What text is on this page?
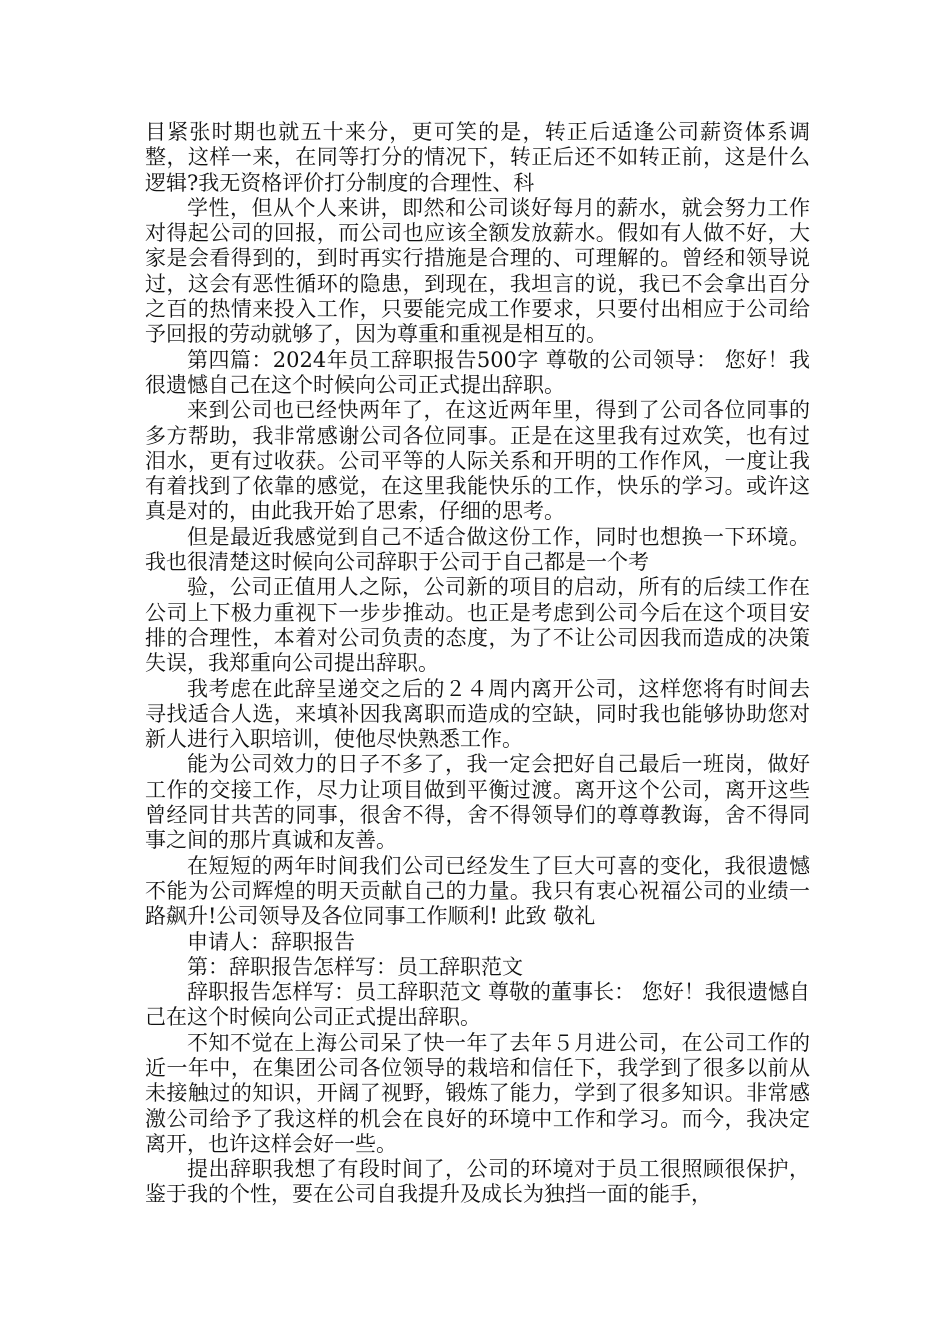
目紧张时期也就五十来分，更可笑的是，转正后适逢公司薪资体系调整，这样一来，在同等打分的情况下，转正后还不如转正前，这是什么逻辑?我无资格评价打分制度的合理性、科

学性，但从个人来讲，即然和公司谈好每月的薪水，就会努力工作对得起公司的回报，而公司也应该全额发放薪水。假如有人做不好，大家是会看得到的，到时再实行措施是合理的、可理解的。曾经和领导说过，这会有恶性循环的隐患，到现在，我坦言的说，我已不会拿出百分之百的热情来投入工作，只要能完成工作要求，只要付出相应于公司给予回报的劳动就够了，因为尊重和重视是相互的。

第四篇：2024年员工辞职报告500字 尊敬的公司领导： 您好！我很遗憾自己在这个时候向公司正式提出辞职。

来到公司也已经快两年了，在这近两年里，得到了公司各位同事的多方帮助，我非常感谢公司各位同事。正是在这里我有过欢笑，也有过泪水，更有过收获。公司平等的人际关系和开明的工作作风，一度让我有着找到了依靠的感觉，在这里我能快乐的工作，快乐的学习。或许这真是对的，由此我开始了思索，仔细的思考。

但是最近我感觉到自己不适合做这份工作，同时也想换一下环境。我也很清楚这时候向公司辞职于公司于自己都是一个考

验，公司正值用人之际，公司新的项目的启动，所有的后续工作在公司上下极力重视下一步步推动。也正是考虑到公司今后在这个项目安排的合理性，本着对公司负责的态度，为了不让公司因我而造成的决策失误，我郑重向公司提出辞职。

我考虑在此辞呈递交之后的２４周内离开公司，这样您将有时间去寻找适合人选，来填补因我离职而造成的空缺，同时我也能够协助您对新人进行入职培训，使他尽快熟悉工作。

能为公司效力的日子不多了，我一定会把好自己最后一班岗，做好工作的交接工作，尽力让项目做到平衡过渡。离开这个公司，离开这些曾经同甘共苦的同事，很舍不得，舍不得领导们的尊尊教诲，舍不得同事之间的那片真诚和友善。

在短短的两年时间我们公司已经发生了巨大可喜的变化，我很遗憾不能为公司辉煌的明天贡献自己的力量。我只有衷心祝福公司的业绩一路飙升!公司领导及各位同事工作顺利! 此致 敬礼

申请人：辞职报告

第：辞职报告怎样写：员工辞职范文

辞职报告怎样写：员工辞职范文 尊敬的董事长： 您好！我很遗憾自己在这个时候向公司正式提出辞职。

不知不觉在上海公司呆了快一年了去年５月进公司，在公司工作的近一年中，在集团公司各位领导的栽培和信任下，我学到了很多以前从未接触过的知识，开阔了视野，锻炼了能力，学到了很多知识。非常感激公司给予了我这样的机会在良好的环境中工作和学习。而今，我决定离开，也许这样会好一些。

提出辞职我想了有段时间了，公司的环境对于员工很照顾很保护，鉴于我的个性，要在公司自我提升及成长为独挡一面的能手，
